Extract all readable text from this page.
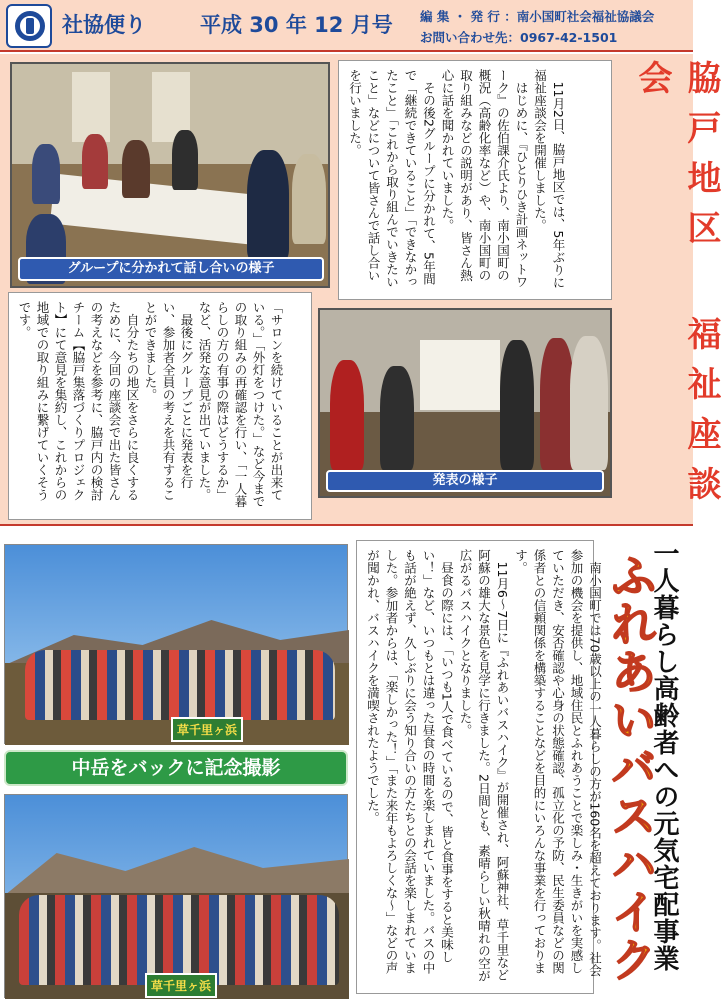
社協便り	平成 30 年 12 月号 編 集 ・ 発 行 ：南小国町社会福祉協議会
お問い合わせ先：0967-42-1501
グループに分かれて話し合いの様子	　11月2日、脇戸地区では、5年ぶりに福祉座談会を開催しました。
　はじめに、『ひとりひき計画ネットワーク』の佐伯課介氏より、南小国町の概況（高齢化率など）や、南小国町の取り組みなどの説明があり、皆さん熱心に話を聞かれていました。
　その後2グループに分かれて、5年間で「継続できていること」「できなかったこと」「これから取り組んでいきたいこと」などについて皆さんで話し合いを行いました。
「サロンを続けていることが出来ている。」「外灯をつけた。」など今までの取り組みの再確認を行い、「一人暮らしの方の有事の際はどうするか」など、活発な意見が出ていました。
　最後にグループごとに発表を行い、参加者全員の考えを共有することができました。
　自分たちの地区をさらに良くするために、今回の座談会で出た皆さんの考えなどを参考に、脇戸内の検討チーム【脇戸集落づくりプロジェクト】にて意見を集約し、これからの地域での取り組みに繋げていくそうです。
発表の様子	脇戸地区 福祉座談会
草千里ヶ浜
中岳をバックに記念撮影
草千里ヶ浜
一人暮らし高齢者への元気宅配事業
ふれあいバスハイク
　南小国町では70歳以上の一人暮らしの方が160名を超えております。社会参加の機会を提供し、地域住民とふれあうことで楽しみ・生きがいを実感していただき、安否確認や心身の状態確認、孤立化の予防、民生委員などの関係者との信頼関係を構築することなどを目的にいろんな事業を行っております。
　11月6〜7日に『ふれあいバスハイク』が開催され、阿蘇神社、草千里など阿蘇の雄大な景色を見学に行きました。2日間とも、素晴らしい秋晴れの空が広がるバスハイクとなりました。
　昼食の際には、「いつも1人で食べているので、皆と食事をすると美味しい！」など、いつもとは違った昼食の時間を楽しまれていました。バスの中も話が絶えず、久しぶりに会う知り合いの方たちとの会話を楽しまれていました。参加者からは、「楽しかった！」「また来年もよろしくな〜」などの声が聞かれ、バスハイクを満喫されたようでした。
